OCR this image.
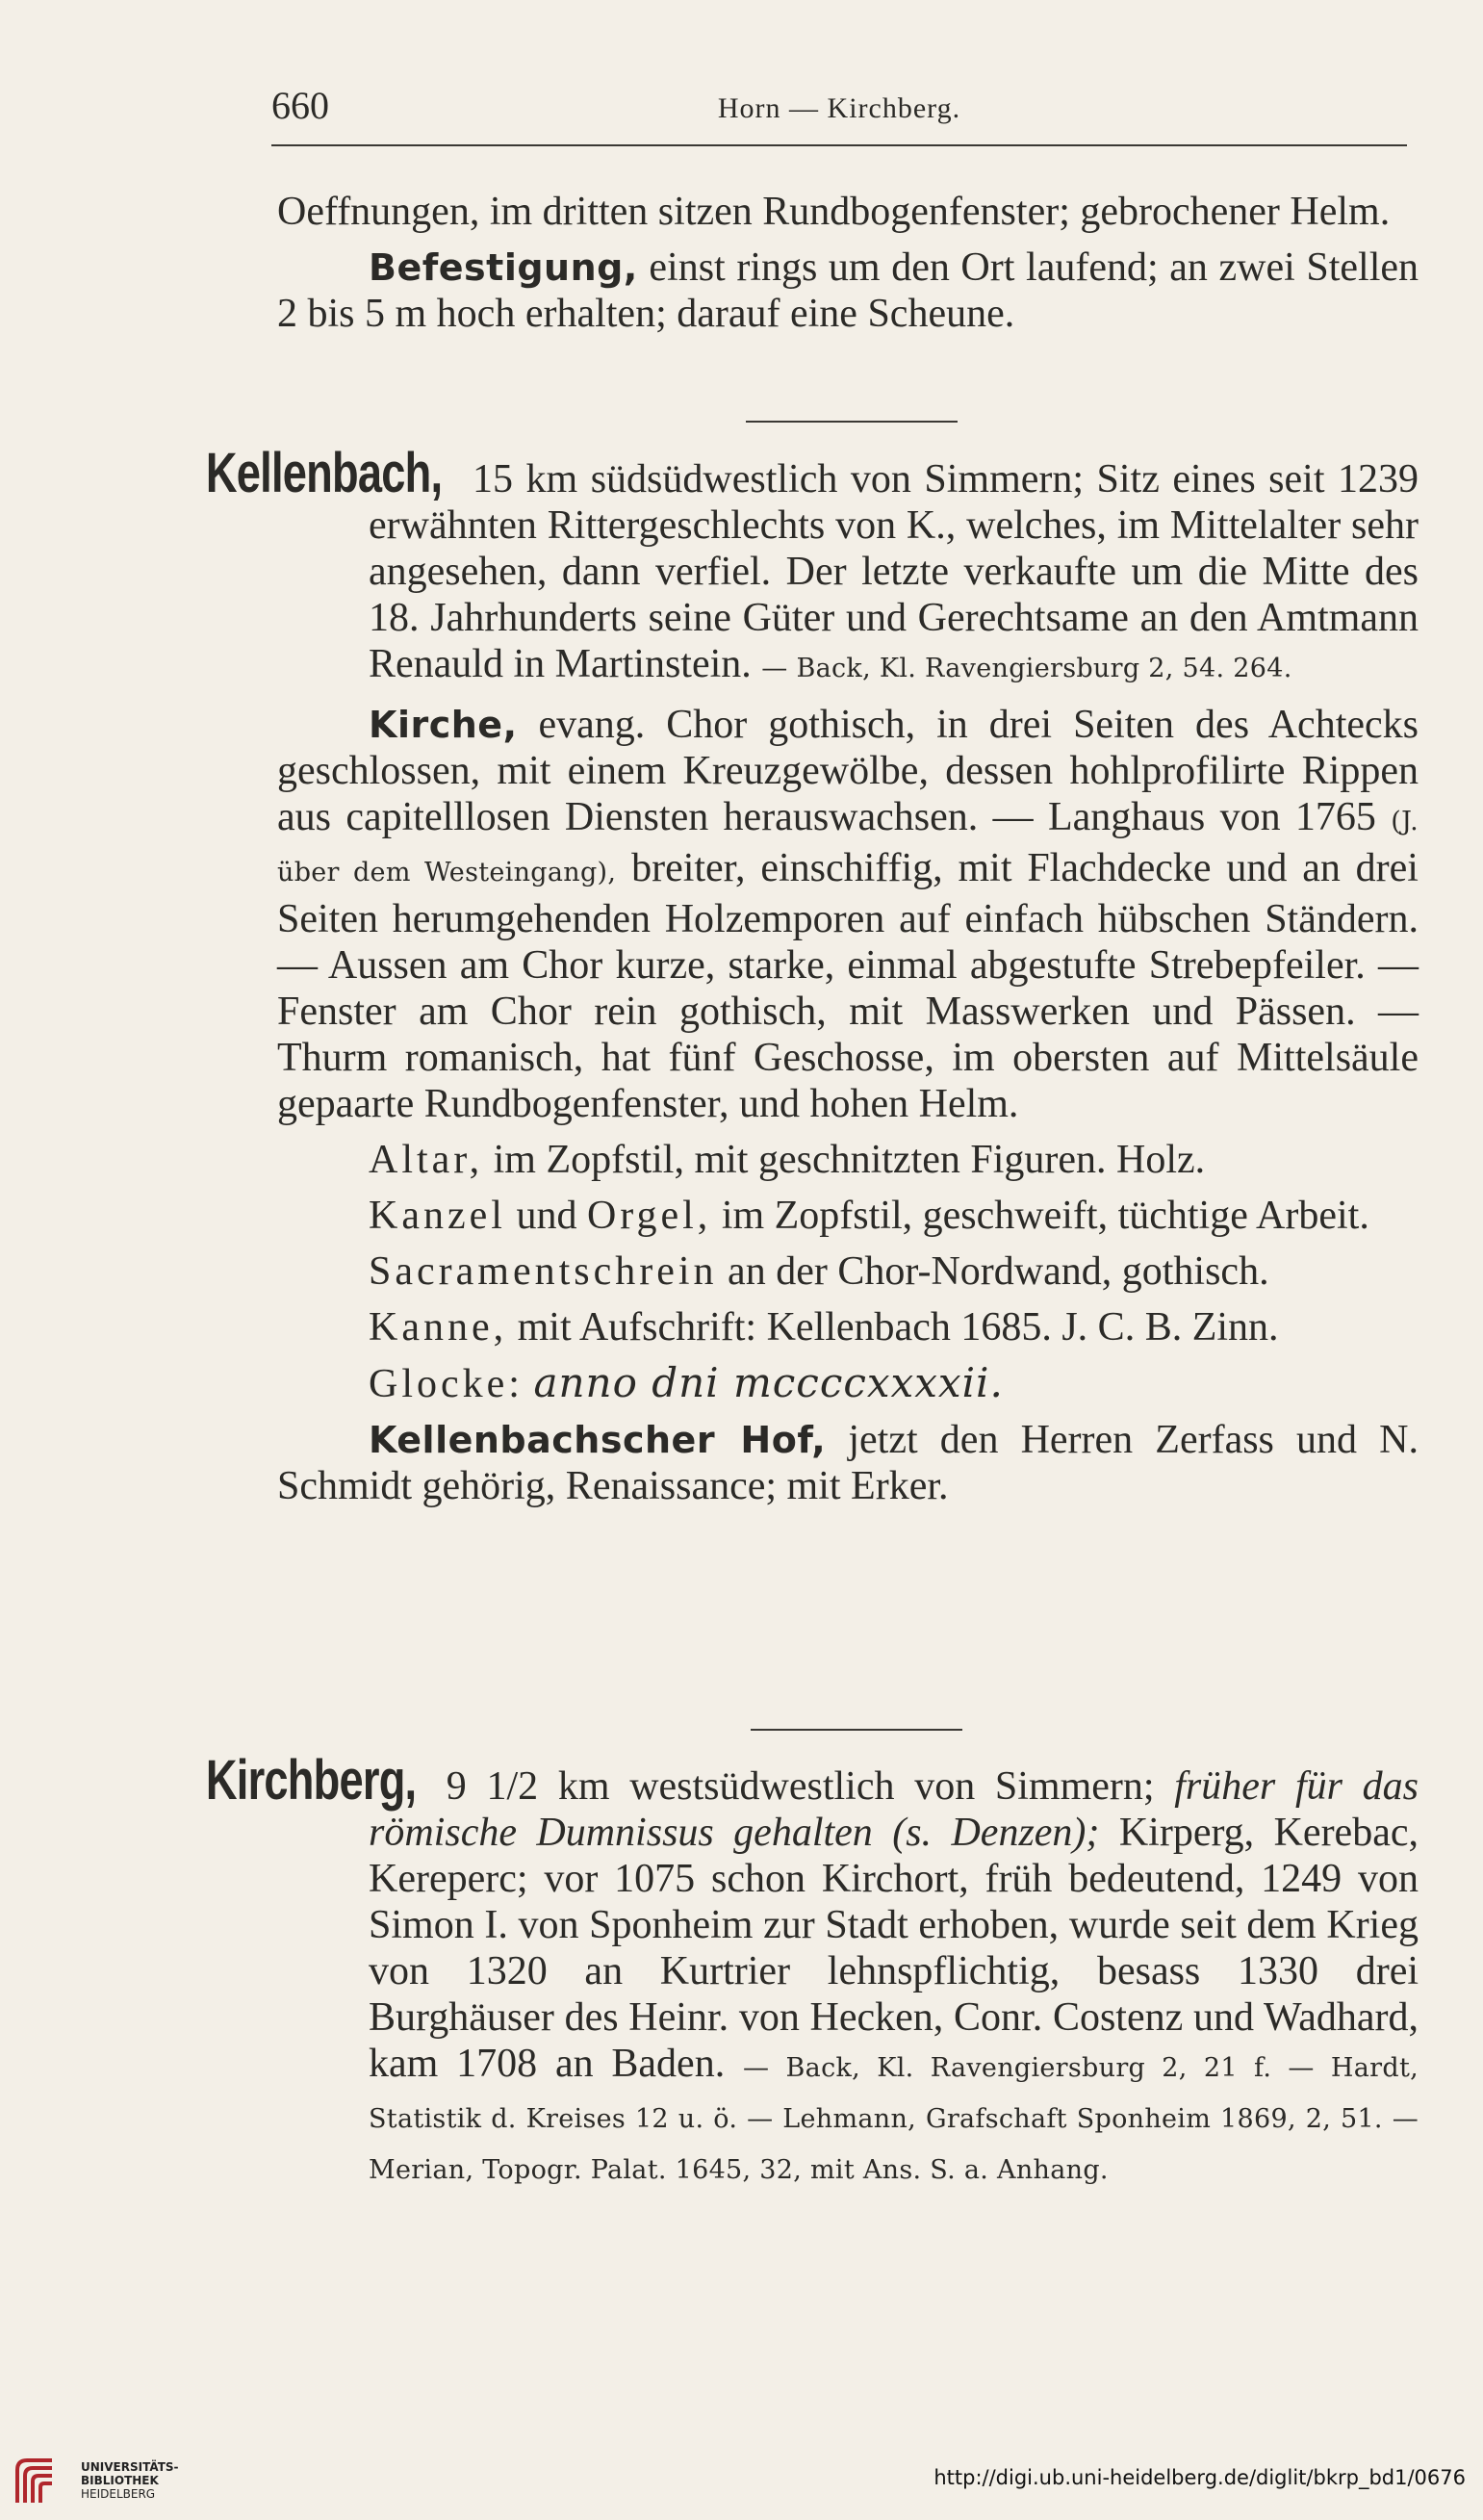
660	Horn — Kirchberg.

Oeffnungen, im dritten sitzen Rundbogenfenster; gebrochener Helm.

Befestigung, einst rings um den Ort laufend; an zwei Stellen 2 bis 5 m hoch erhalten; darauf eine Scheune.

Kellenbach, 15 km südsüdwestlich von Simmern; Sitz eines seit 1239 erwähnten Rittergeschlechts von K., welches, im Mittelalter sehr angesehen, dann verfiel. Der letzte verkaufte um die Mitte des 18. Jahrhunderts seine Güter und Gerechtsame an den Amtmann Renauld in Martinstein. — Back, Kl. Ravengiersburg 2, 54. 264.

Kirche, evang. Chor gothisch, in drei Seiten des Achtecks geschlossen, mit einem Kreuzgewölbe, dessen hohlprofilirte Rippen aus capitelllosen Diensten herauswachsen. — Langhaus von 1765 (J. über dem Westeingang), breiter, einschiffig, mit Flachdecke und an drei Seiten herumgehenden Holzemporen auf einfach hübschen Ständern. — Aussen am Chor kurze, starke, einmal abgestufte Strebepfeiler. — Fenster am Chor rein gothisch, mit Masswerken und Pässen. — Thurm romanisch, hat fünf Geschosse, im obersten auf Mittelsäule gepaarte Rundbogenfenster, und hohen Helm.

Altar, im Zopfstil, mit geschnitzten Figuren. Holz.

Kanzel und Orgel, im Zopfstil, geschweift, tüchtige Arbeit.

Sacramentschrein an der Chor-Nordwand, gothisch.

Kanne, mit Aufschrift: Kellenbach 1685. J. C. B. Zinn.

Glocke: anno dni mccccxxxxii.

Kellenbachscher Hof, jetzt den Herren Zerfass und N. Schmidt gehörig, Renaissance; mit Erker.

Kirchberg, 9 1/2 km westsüdwestlich von Simmern; früher für das römische Dumnissus gehalten (s. Denzen); Kirperg, Kerebac, Kereperc; vor 1075 schon Kirchort, früh bedeutend, 1249 von Simon I. von Sponheim zur Stadt erhoben, wurde seit dem Krieg von 1320 an Kurtrier lehnspflichtig, besass 1330 drei Burghäuser des Heinr. von Hecken, Conr. Costenz und Wadhard, kam 1708 an Baden. — Back, Kl. Ravengiersburg 2, 21 f. — Hardt, Statistik d. Kreises 12 u. ö. — Lehmann, Grafschaft Sponheim 1869, 2, 51. — Merian, Topogr. Palat. 1645, 32, mit Ans. S. a. Anhang.

UNIVERSITÄTS-
BIBLIOTHEK
HEIDELBERG
http://digi.ub.uni-heidelberg.de/diglit/bkrp_bd1/0676
